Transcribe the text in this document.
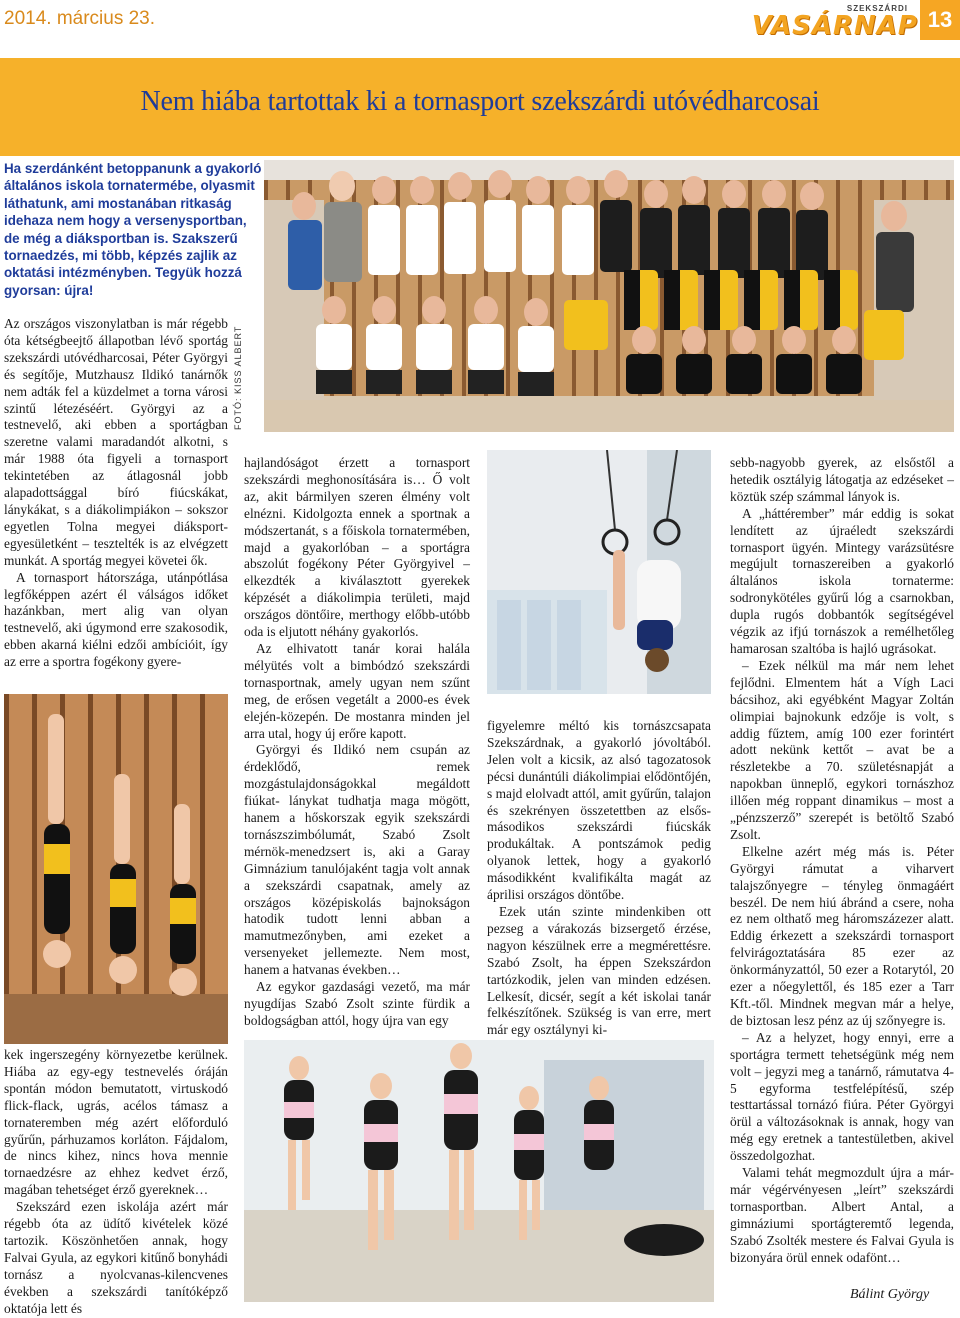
2014. március 23.	SZEKSZÁRDI
VASÁRNAP 13
Nem hiába tartottak ki a tornasport szekszárdi utóvédharcosai
Ha szerdánként betoppanunk a gyakorló általános iskola tornatermébe, olyasmit láthatunk, ami mostanában ritkaság idehaza nem hogy a versenysportban, de még a diáksportban is. Szakszerű tornaedzés, mi több, képzés zajlik az oktatási intézményben. Tegyük hozzá gyorsan: újra!
FOTÓ: KISS ALBERT

Az országos viszonylatban is már régebb óta kétségbeejtő állapotban lévő sportág szekszárdi utóvédharcosai, Péter Györgyi és segítője, Mutzhausz Ildikó tanárnők nem adták fel a küzdelmet a torna városi szintű létezéséért. Györgyi az a testnevelő, aki ebben a sportágban szeretne valami maradandót alkotni, s már 1988 óta figyeli a tornasport tekintetében az átlagosnál jobb alapadottsággal bíró fiúcskákat, lánykákat, s a diákolimpiákon – sokszor egyetlen Tolna megyei diáksport-egyesületként – tesztelték is az elvégzett munkát. A sportág megyei követei ők.

A tornasport hátországa, utánpótlása legfőképpen azért él válságos időket hazánkban, mert alig van olyan testnevelő, aki úgymond erre szakosodik, ebben akarná kiélni edzői ambícióit, így az erre a sportra fogékony gyere-

kek ingerszegény környezetbe kerülnek. Hiába az egy-egy testnevelés óráján spontán módon bemutatott, virtuskodó flick-flack, ugrás, acélos támasz a tornateremben még azért előforduló gyűrűn, párhuzamos korláton. Fájdalom, de nincs kihez, nincs hova mennie tornaedzésre az ehhez kedvet érző, magában tehetséget érző gyereknek…

Szekszárd ezen iskolája azért már régebb óta az üdítő kivételek közé tartozik. Köszönhetően annak, hogy Falvai Gyula, az egykori kitűnő bonyhádi tornász a nyolcvanas-kilencvenes években a szekszárdi tanítóképző oktatója lett és

hajlandóságot érzett a tornasport szekszárdi meghonosítására is… Ő volt az, akit bármilyen szeren élmény volt elnézni. Kidolgozta ennek a sportnak a módszertanát, s a főiskola tornatermében, majd a gyakorlóban – a sportágra abszolút fogékony Péter Györgyivel – elkezdték a kiválasztott gyerekek képzését a diákolimpia területi, majd országos döntőire, merthogy előbb-utóbb oda is eljutott néhány gyakorlós.

Az elhivatott tanár korai halála mélyütés volt a bimbódzó szekszárdi tornasportnak, amely ugyan nem szűnt meg, de erősen vegetált a 2000-es évek elején-közepén. De mostanra minden jel arra utal, hogy új erőre kapott.

Györgyi és Ildikó nem csupán az érdeklődő, remek mozgástulajdonságokkal megáldott fiúkat- lánykat tudhatja maga mögött, hanem a hőskorszak egyik szekszárdi tornászszimbólumát, Szabó Zsolt mérnök-menedzsert is, aki a Garay Gimnázium tanulójaként tagja volt annak a szekszárdi csapatnak, amely az országos középiskolás bajnokságon hatodik tudott lenni abban a mamutmezőnyben, ami ezeket a versenyeket jellemezte. Nem most, hanem a hatvanas években…

Az egykor gazdasági vezető, ma már nyugdíjas Szabó Zsolt szinte fürdik a boldogságban attól, hogy újra van egy

figyelemre méltó kis tornászcsapata Szekszárdnak, a gyakorló jóvoltából. Jelen volt a kicsik, az alsó tagozatosok pécsi dunántúli diákolimpiai elődöntőjén, s majd elolvadt attól, amit gyűrűn, talajon és szekrényen összetettben az elsős-másodikos szekszárdi fiúcskák produkáltak. A pontszámok pedig olyanok lettek, hogy a gyakorló másodikként kvalifikálta magát az áprilisi országos döntőbe.

Ezek után szinte mindenkiben ott pezseg a várakozás bizsergető érzése, nagyon készülnek erre a megmérettésre. Szabó Zsolt, ha éppen Szekszárdon tartózkodik, jelen van minden edzésen. Lelkesít, dicsér, segít a két iskolai tanár felkészítőnek. Szükség is van erre, mert már egy osztálynyi ki-

sebb-nagyobb gyerek, az elsőstől a hetedik osztályig látogatja az edzéseket – köztük szép számmal lányok is.

A „háttérember” már eddig is sokat lendített az újraéledt szekszárdi tornasport ügyén. Mintegy varázsütésre megújult tornaszereiben a gyakorló általános iskola tornaterme: sodronykötéles gyűrű lóg a csarnokban, dupla rugós dobbantók segítségével végzik az ifjú tornászok a remélhetőleg hamarosan szaltóba is hajló ugrásokat.

– Ezek nélkül ma már nem lehet fejlődni. Elmentem hát a Vígh Laci bácsihoz, aki egyébként Magyar Zoltán olimpiai bajnokunk edzője is volt, s addig fűztem, amíg 100 ezer forintért adott nekünk kettőt – avat be a részletekbe a 70. születésnapját a napokban ünneplő, egykori tornászhoz illően még roppant dinamikus – most a „pénzszerző” szerepét is betöltő Szabó Zsolt.

Elkelne azért még más is. Péter Györgyi rámutat a viharvert talajszőnyegre – tényleg önmagáért beszél. De nem hiú ábránd a csere, noha ez nem olthatő meg háromszázezer alatt. Eddig érkezett a szekszárdi tornasport felvirágoztatására 85 ezer az önkormányzattól, 50 ezer a Rotarytól, 20 ezer a nőegylettől, és 185 ezer a Tarr Kft.-től. Mindnek megvan már a helye, de biztosan lesz pénz az új szőnyegre is.

– Az a helyzet, hogy ennyi, erre a sportágra termett tehetségünk még nem volt – jegyzi meg a tanárnő, rámutatva 4-5 egyforma testfelépítésű, szép testtartással tornázó fiúra. Péter Györgyi örül a változásoknak is annak, hogy van még egy eretnek a tantestületben, akivel összedolgozhat.

Valami tehát megmozdult újra a már-már végérvényesen „leírt” szekszárdi tornasportban. Albert Antal, a gimnáziumi sportágteremtő legenda, Szabó Zsolték mestere és Falvai Gyula is bizonyára örül ennek odafönt…

Bálint György
